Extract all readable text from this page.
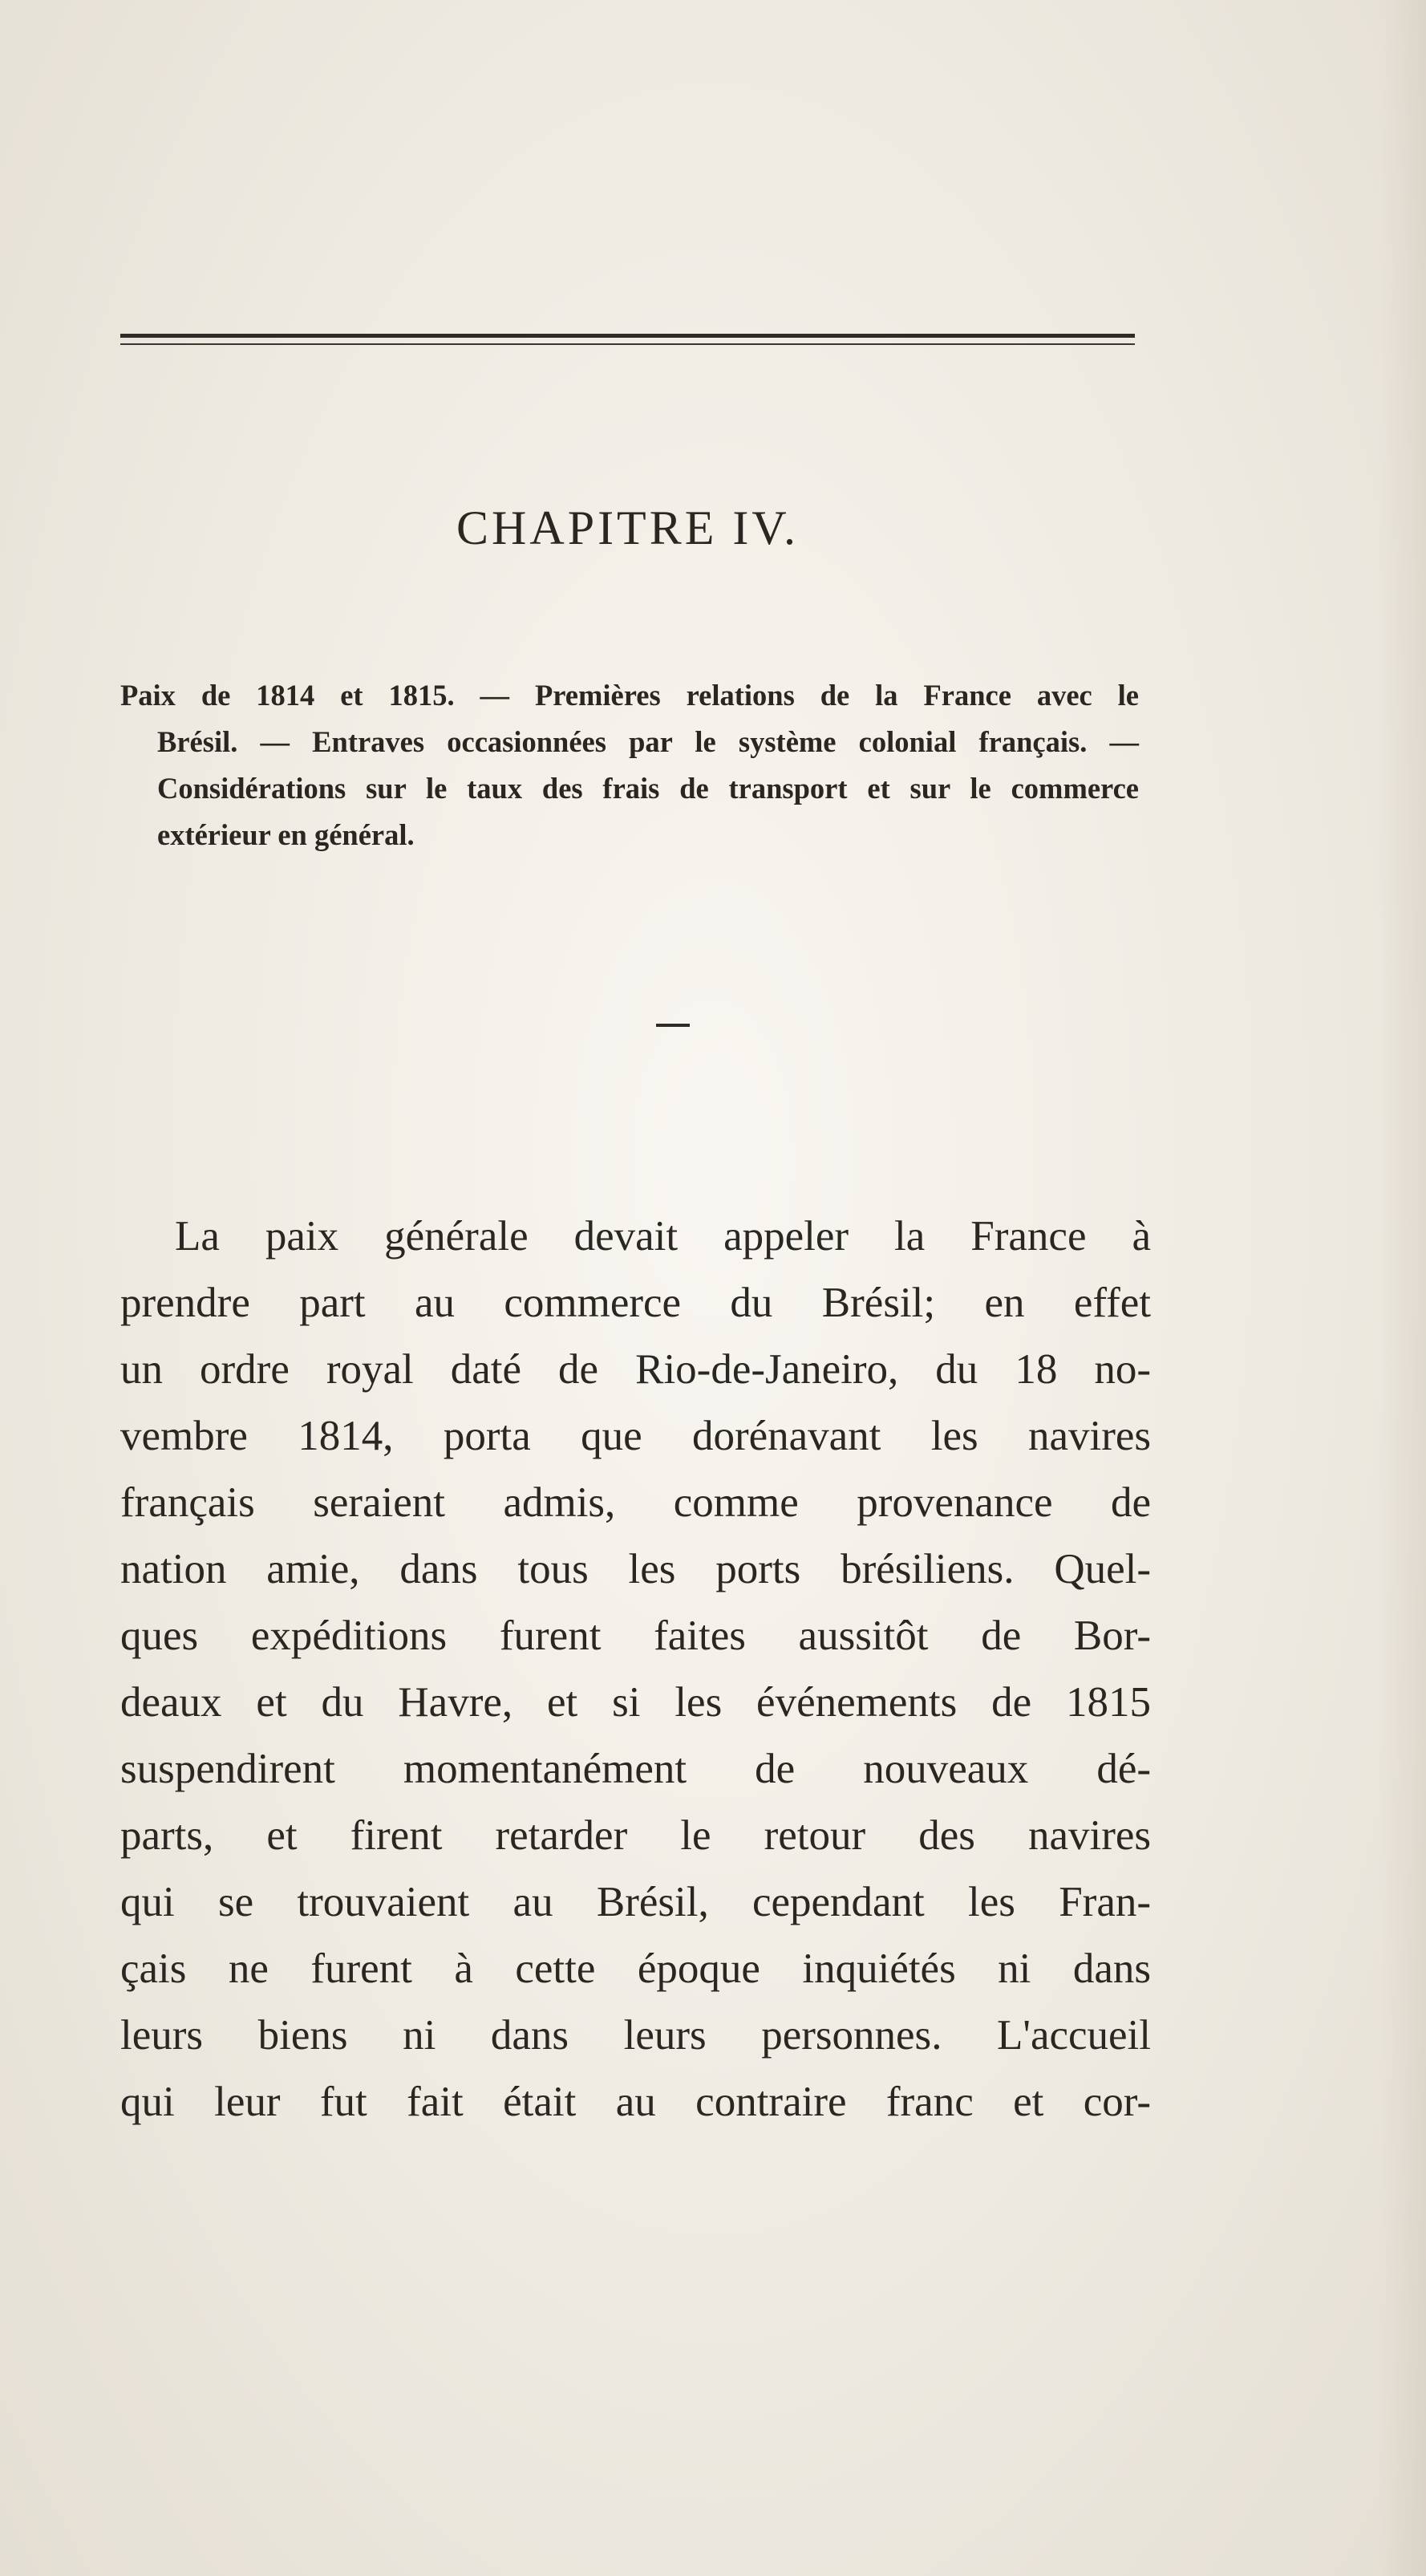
CHAPITRE IV.

Paix de 1814 et 1815. — Premières relations de la France avec le
Brésil. — Entraves occasionnées par le système colonial français. —
Considérations sur le taux des frais de transport et sur le commerce
extérieur en général.

La paix générale devait appeler la France à
prendre part au commerce du Brésil; en effet
un ordre royal daté de Rio-de-Janeiro, du 18 no-
vembre 1814, porta que dorénavant les navires
français seraient admis, comme provenance de
nation amie, dans tous les ports brésiliens. Quel-
ques expéditions furent faites aussitôt de Bor-
deaux et du Havre, et si les événements de 1815
suspendirent momentanément de nouveaux dé-
parts, et firent retarder le retour des navires
qui se trouvaient au Brésil, cependant les Fran-
çais ne furent à cette époque inquiétés ni dans
leurs biens ni dans leurs personnes. L'accueil
qui leur fut fait était au contraire franc et cor-
